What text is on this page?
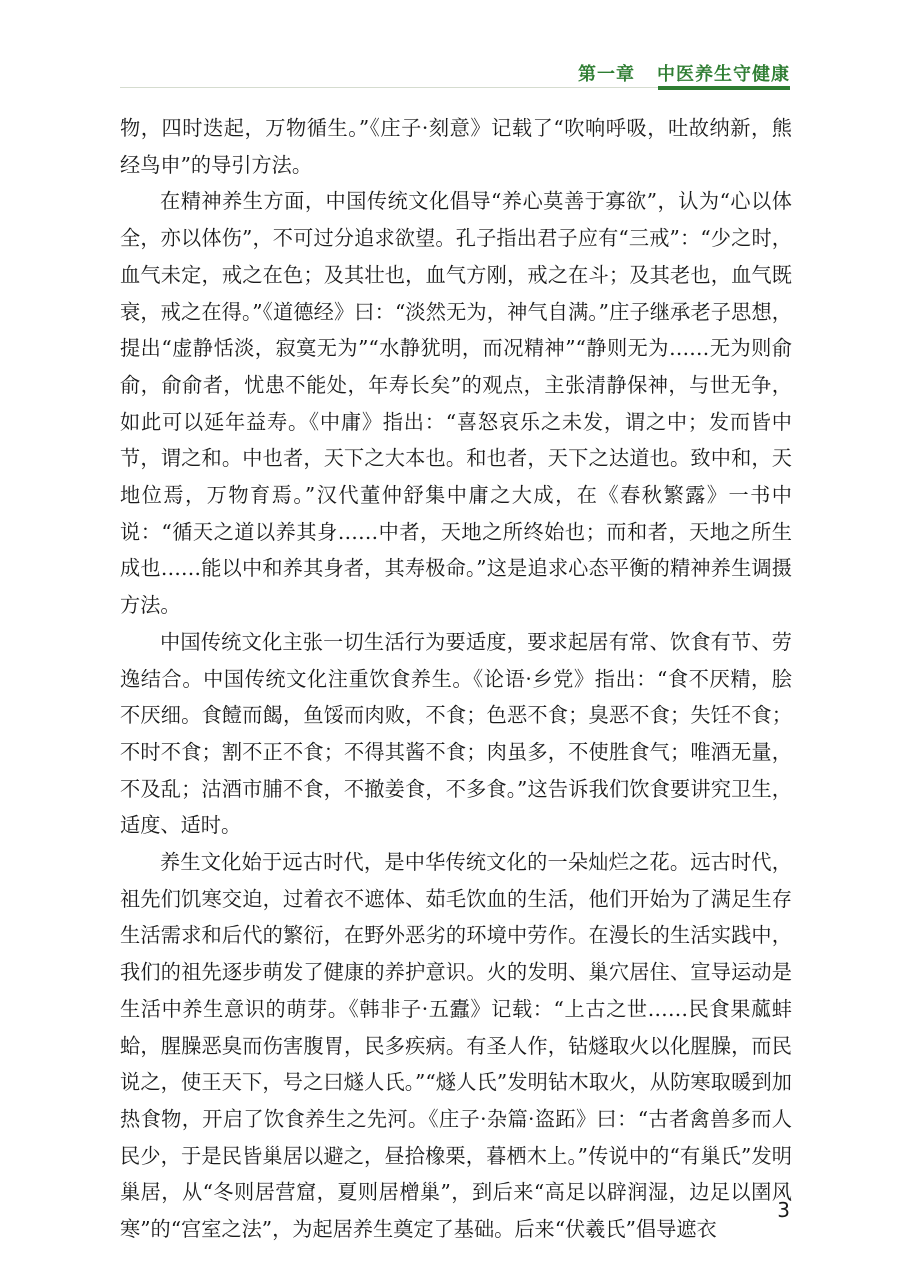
第一章 中医养生守健康

物，四时迭起，万物循生。”《庄子·刻意》记载了“吹响呼吸，吐故纳新，熊经鸟申”的导引方法。

在精神养生方面，中国传统文化倡导“养心莫善于寡欲”，认为“心以体全，亦以体伤”，不可过分追求欲望。孔子指出君子应有“三戒”：“少之时，血气未定，戒之在色；及其壮也，血气方刚，戒之在斗；及其老也，血气既衰，戒之在得。”《道德经》曰：“淡然无为，神气自满。”庄子继承老子思想，提出“虚静恬淡，寂寞无为”“水静犹明，而况精神”“静则无为……无为则俞俞，俞俞者，忧患不能处，年寿长矣”的观点，主张清静保神，与世无争，如此可以延年益寿。《中庸》指出：“喜怒哀乐之未发，谓之中；发而皆中节，谓之和。中也者，天下之大本也。和也者，天下之达道也。致中和，天地位焉，万物育焉。”汉代董仲舒集中庸之大成，在《春秋繁露》一书中说：“循天之道以养其身……中者，天地之所终始也；而和者，天地之所生成也……能以中和养其身者，其寿极命。”这是追求心态平衡的精神养生调摄方法。

中国传统文化主张一切生活行为要适度，要求起居有常、饮食有节、劳逸结合。中国传统文化注重饮食养生。《论语·乡党》指出：“食不厌精，脍不厌细。食饐而餲，鱼馁而肉败，不食；色恶不食；臭恶不食；失饪不食；不时不食；割不正不食；不得其酱不食；肉虽多，不使胜食气；唯酒无量，不及乱；沽酒市脯不食，不撤姜食，不多食。”这告诉我们饮食要讲究卫生，适度、适时。

养生文化始于远古时代，是中华传统文化的一朵灿烂之花。远古时代，祖先们饥寒交迫，过着衣不遮体、茹毛饮血的生活，他们开始为了满足生存生活需求和后代的繁衍，在野外恶劣的环境中劳作。在漫长的生活实践中，我们的祖先逐步萌发了健康的养护意识。火的发明、巢穴居住、宣导运动是生活中养生意识的萌芽。《韩非子·五蠹》记载：“上古之世……民食果蓏蚌蛤，腥臊恶臭而伤害腹胃，民多疾病。有圣人作，钻燧取火以化腥臊，而民说之，使王天下，号之曰燧人氏。”“燧人氏”发明钻木取火，从防寒取暖到加热食物，开启了饮食养生之先河。《庄子·杂篇·盗跖》曰：“古者禽兽多而人民少，于是民皆巢居以避之，昼拾橡栗，暮栖木上。”传说中的“有巢氏”发明巢居，从“冬则居营窟，夏则居橧巢”，到后来“高足以辟润湿，边足以圉风寒”的“宫室之法”，为起居养生奠定了基础。后来“伏羲氏”倡导遮衣

3
